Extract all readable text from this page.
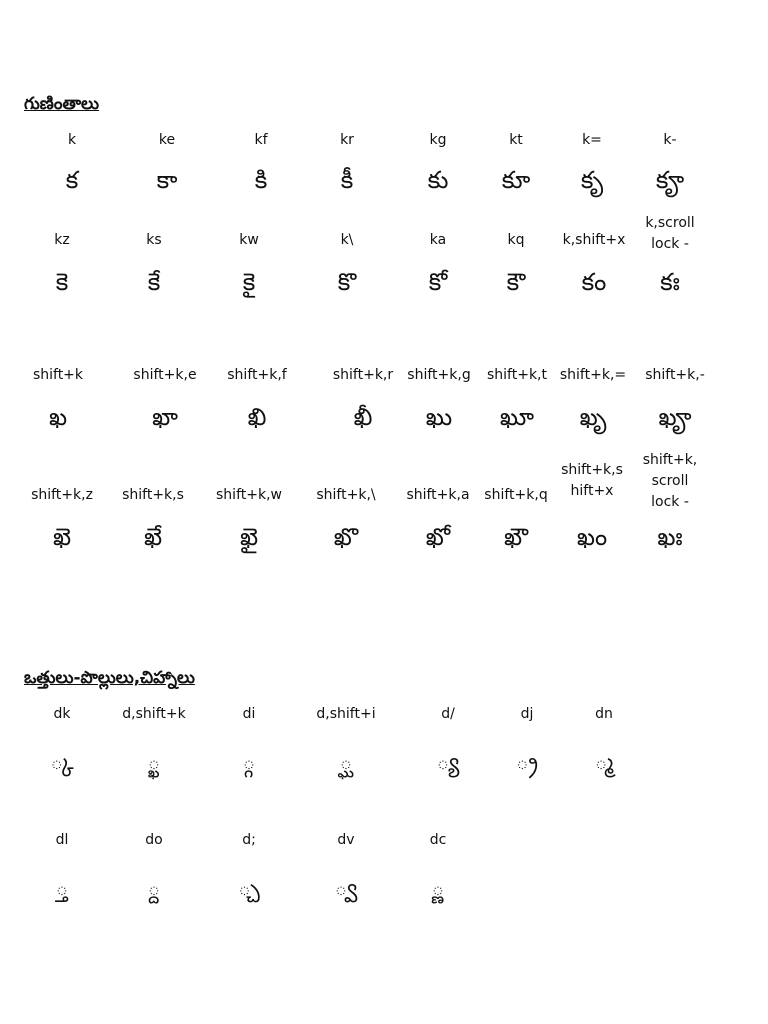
గుణింతాలు
k
క
ke
కా
kf
కి
kr
కీ
kg
కు
kt
కూ
k=
కృ
k-
కౄ
kz
కె
ks
కే
kw
కై
k\
కొ
ka
కో
kq
కౌ
k,shift+x
కం
k,scroll
lock -
కః
shift+k
ఖ
shift+k,e
ఖా
shift+k,f
ఖి
shift+k,r
ఖీ
shift+k,g
ఖు
shift+k,t
ఖూ
shift+k,=
ఖృ
shift+k,-
ఖౄ
shift+k,z
ఖె
shift+k,s
ఖే
shift+k,w
ఖై
shift+k,\
ఖొ
shift+k,a
ఖో
shift+k,q
ఖౌ
shift+k,s
hift+x
ఖం
shift+k,
scroll
lock -
ఖః
ఒత్తులు-పొల్లులు,చిహ్నాలు
dk
్క
d,shift+k
్ఖ
di
్గ
d,shift+i
్ఘ
d/
్య
dj
్ర
dn
్మ
dl
్త
do
్ద
d;
్చ
dv
్వ
dc
్ణ
